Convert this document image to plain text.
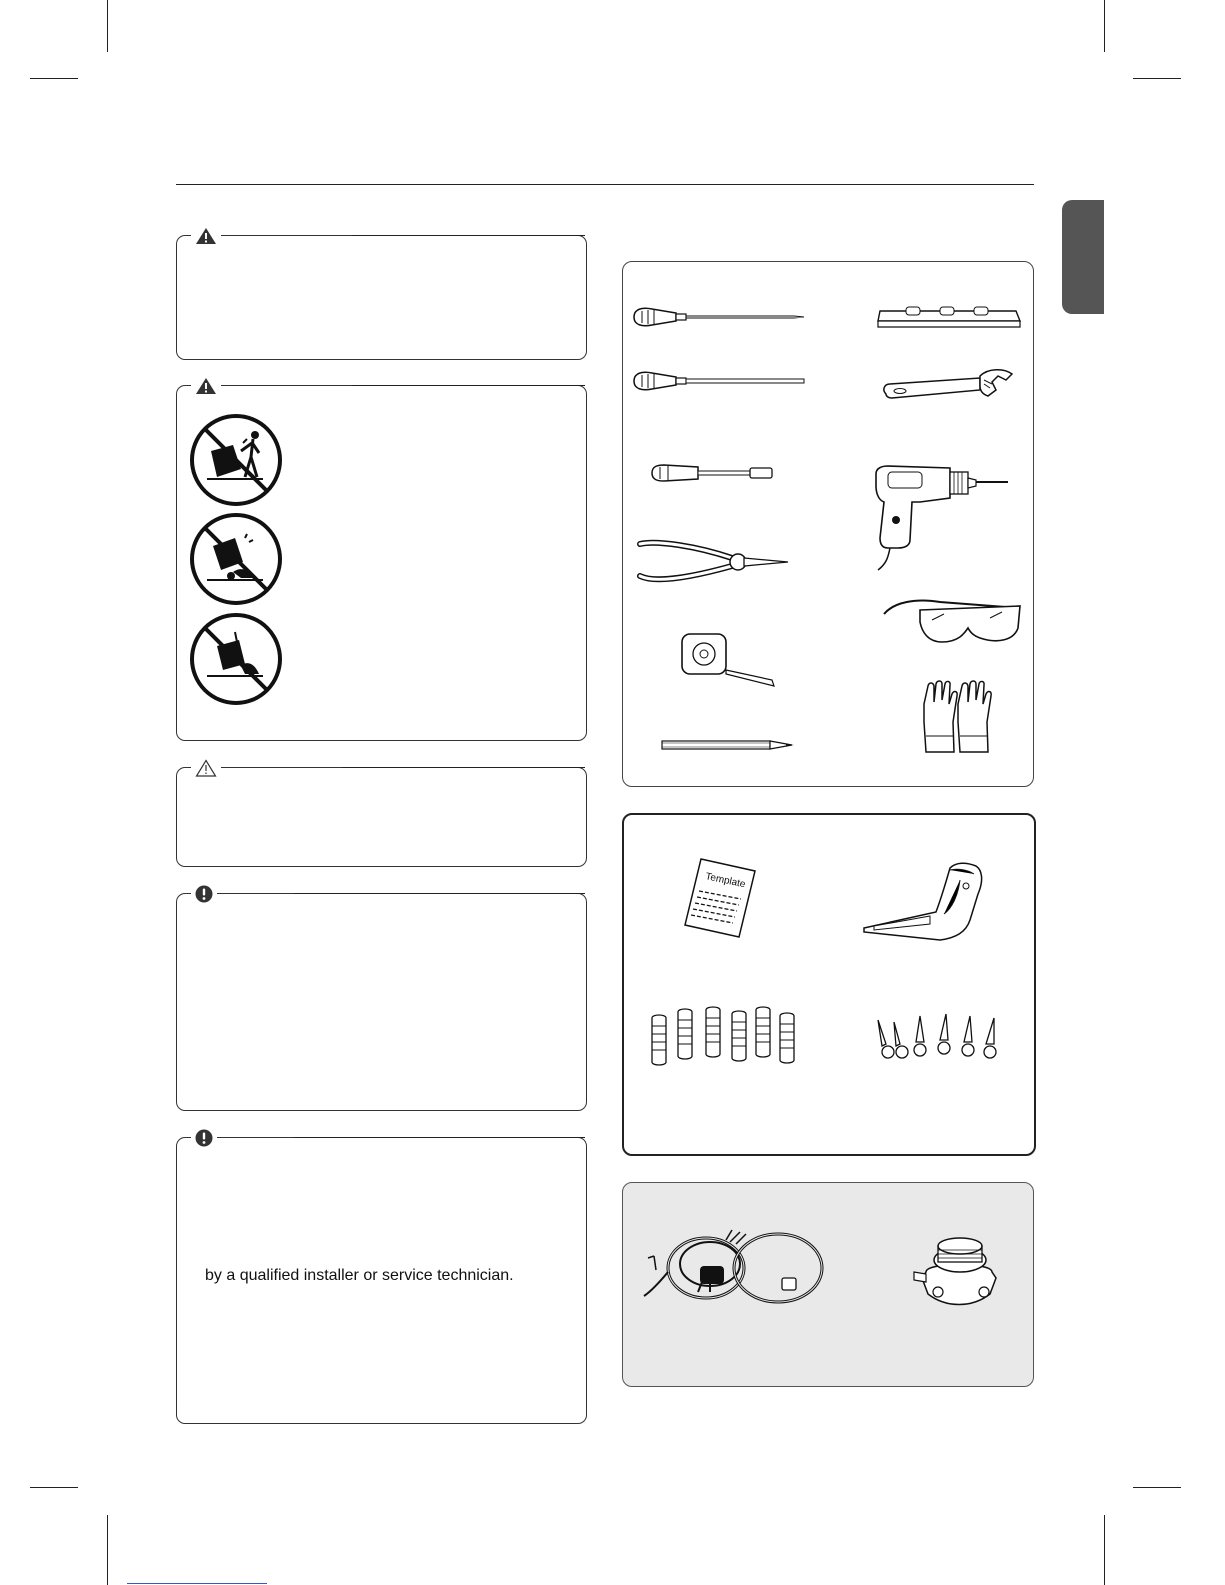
by a qualified installer or service technician.
Template
